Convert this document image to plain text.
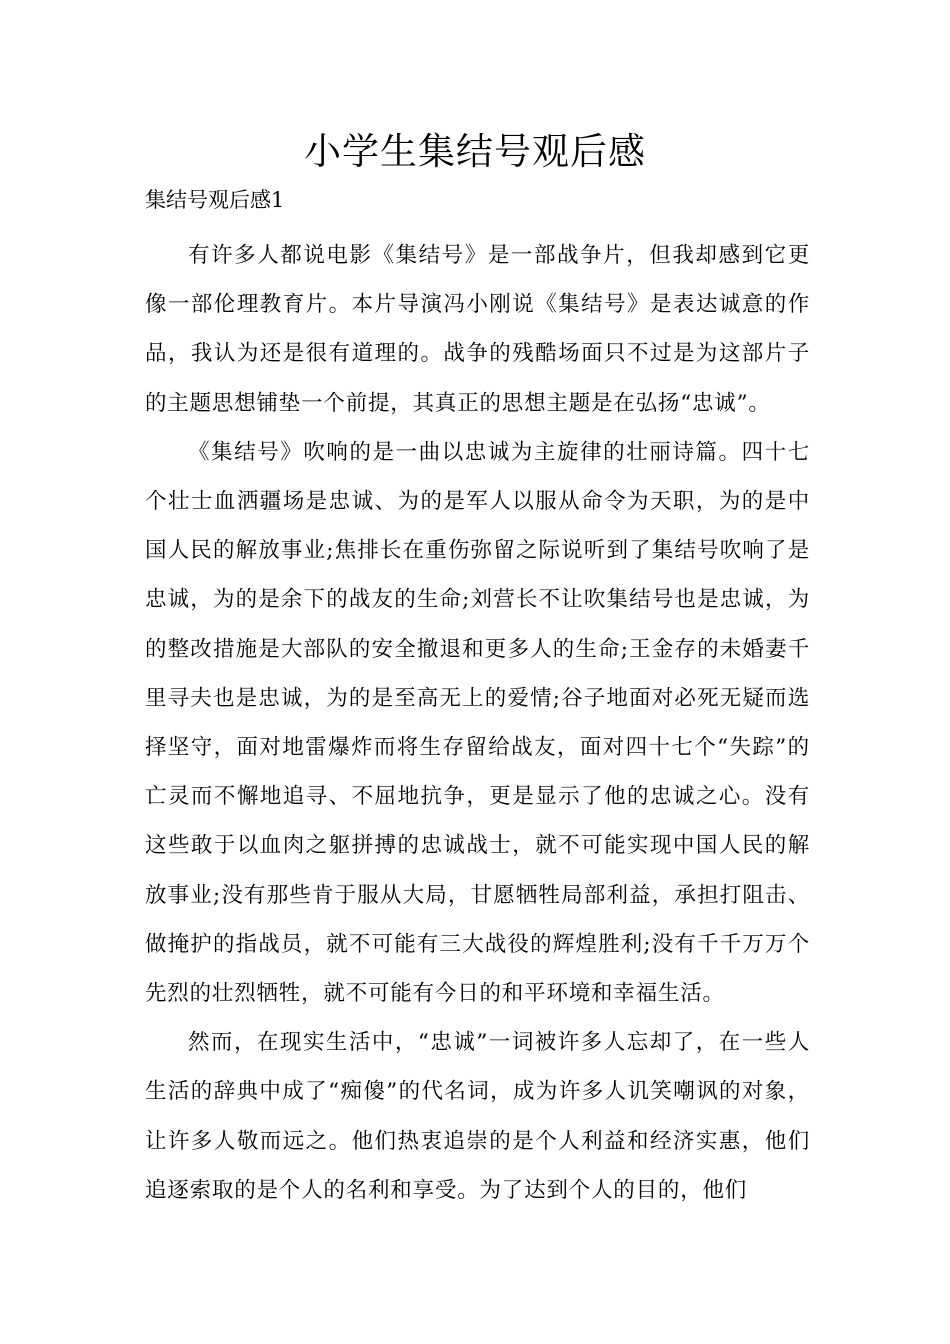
小学生集结号观后感

集结号观后感1

有许多人都说电影《集结号》是一部战争片，但我却感到它更像一部伦理教育片。本片导演冯小刚说《集结号》是表达诚意的作品，我认为还是很有道理的。战争的残酷场面只不过是为这部片子的主题思想铺垫一个前提，其真正的思想主题是在弘扬“忠诚”。

《集结号》吹响的是一曲以忠诚为主旋律的壮丽诗篇。四十七个壮士血洒疆场是忠诚、为的是军人以服从命令为天职，为的是中国人民的解放事业;焦排长在重伤弥留之际说听到了集结号吹响了是忠诚，为的是余下的战友的生命;刘营长不让吹集结号也是忠诚，为的整改措施是大部队的安全撤退和更多人的生命;王金存的未婚妻千里寻夫也是忠诚，为的是至高无上的爱情;谷子地面对必死无疑而选择坚守，面对地雷爆炸而将生存留给战友，面对四十七个“失踪”的亡灵而不懈地追寻、不屈地抗争，更是显示了他的忠诚之心。没有这些敢于以血肉之躯拼搏的忠诚战士，就不可能实现中国人民的解放事业;没有那些肯于服从大局，甘愿牺牲局部利益，承担打阻击、做掩护的指战员，就不可能有三大战役的辉煌胜利;没有千千万万个先烈的壮烈牺牲，就不可能有今日的和平环境和幸福生活。

然而，在现实生活中，“忠诚”一词被许多人忘却了，在一些人生活的辞典中成了“痴傻”的代名词，成为许多人讥笑嘲讽的对象，让许多人敬而远之。他们热衷追崇的是个人利益和经济实惠，他们追逐索取的是个人的名利和享受。为了达到个人的目的，他们
